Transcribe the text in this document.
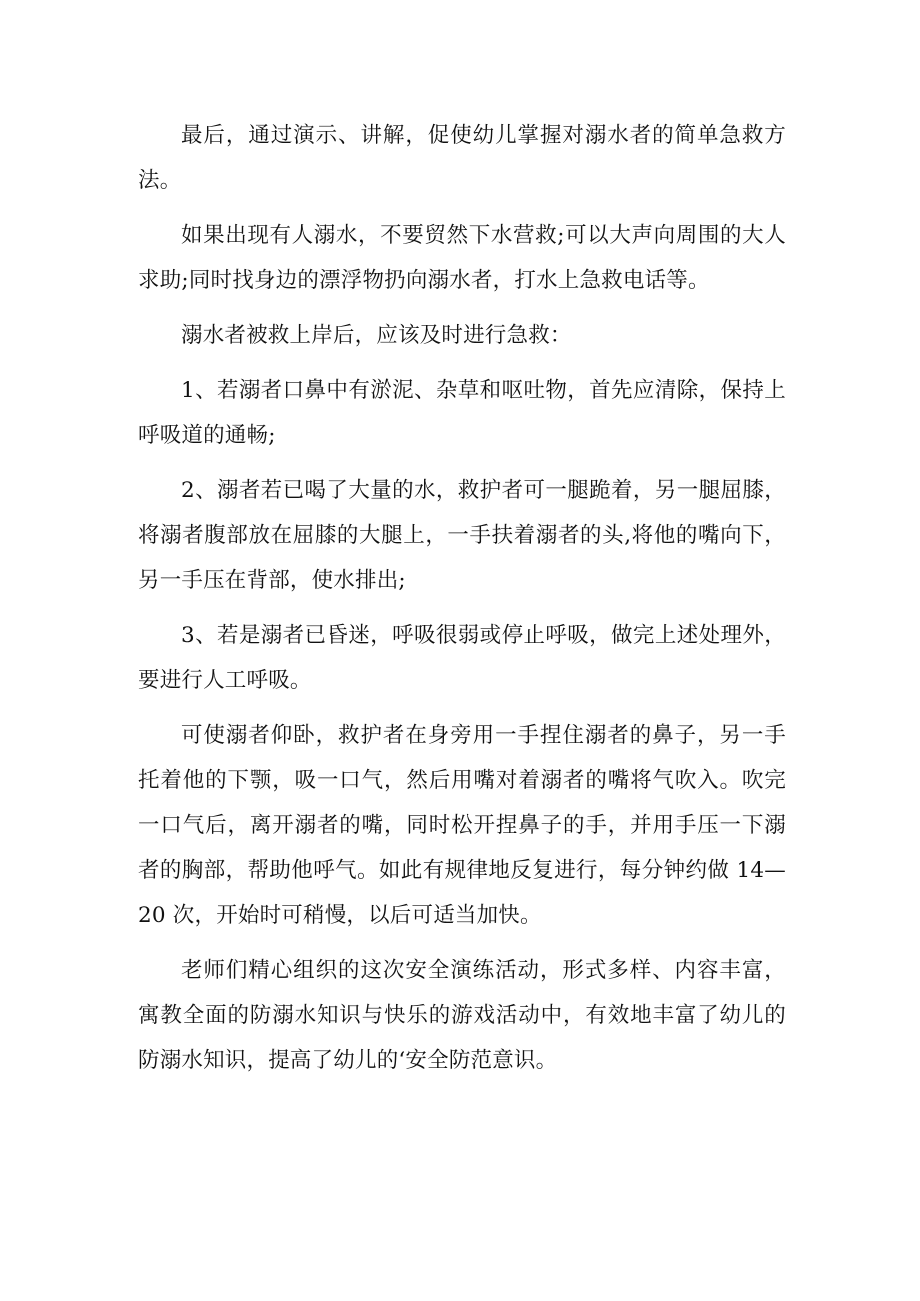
最后，通过演示、讲解，促使幼儿掌握对溺水者的简单急救方法。

如果出现有人溺水，不要贸然下水营救;可以大声向周围的大人求助;同时找身边的漂浮物扔向溺水者，打水上急救电话等。

溺水者被救上岸后，应该及时进行急救：

1、若溺者口鼻中有淤泥、杂草和呕吐物，首先应清除，保持上呼吸道的通畅;

2、溺者若已喝了大量的水，救护者可一腿跪着，另一腿屈膝，将溺者腹部放在屈膝的大腿上，一手扶着溺者的头,将他的嘴向下，另一手压在背部，使水排出;

3、若是溺者已昏迷，呼吸很弱或停止呼吸，做完上述处理外，要进行人工呼吸。

可使溺者仰卧，救护者在身旁用一手捏住溺者的鼻子，另一手托着他的下颚，吸一口气，然后用嘴对着溺者的嘴将气吹入。吹完一口气后，离开溺者的嘴，同时松开捏鼻子的手，并用手压一下溺者的胸部，帮助他呼气。如此有规律地反复进行，每分钟约做 14—20 次，开始时可稍慢，以后可适当加快。

老师们精心组织的这次安全演练活动，形式多样、内容丰富，寓教全面的防溺水知识与快乐的游戏活动中，有效地丰富了幼儿的防溺水知识，提高了幼儿的‘安全防范意识。
